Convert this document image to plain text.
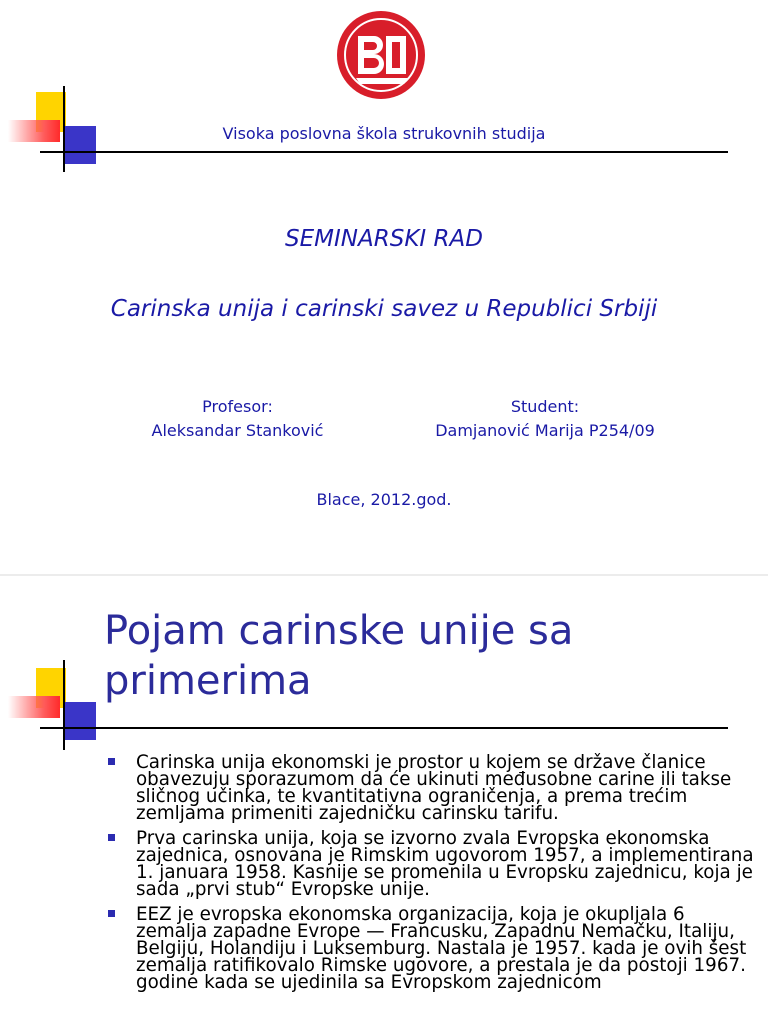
Visoka poslovna škola strukovnih studija
SEMINARSKI RAD
Carinska unija i carinski savez u Republici Srbiji
Profesor:
Aleksandar Stanković
Student:
Damjanović Marija P254/09
Blace, 2012.god.
Pojam carinske unije sa
primerima
Carinska unija ekonomski je prostor u kojem se države članice obavezuju sporazumom da će ukinuti međusobne carine ili takse sličnog učinka, te kvantitativna ograničenja, a prema trećim zemljama primeniti zajedničku carinsku tarifu.
Prva carinska unija, koja se izvorno zvala Evropska ekonomska zajednica, osnovana je Rimskim ugovorom 1957, a implementirana 1. januara 1958. Kasnije se promenila u Evropsku zajednicu, koja je sada „prvi stub“ Evropske unije.
EEZ je evropska ekonomska organizacija, koja je okupljala 6 zemalja zapadne Evrope — Francusku, Zapadnu Nemačku, Italiju, Belgiju, Holandiju i Luksemburg. Nastala je 1957. kada je ovih šest zemalja ratifikovalo Rimske ugovore, a prestala je da postoji 1967. godine kada se ujedinila sa Evropskom zajednicom
